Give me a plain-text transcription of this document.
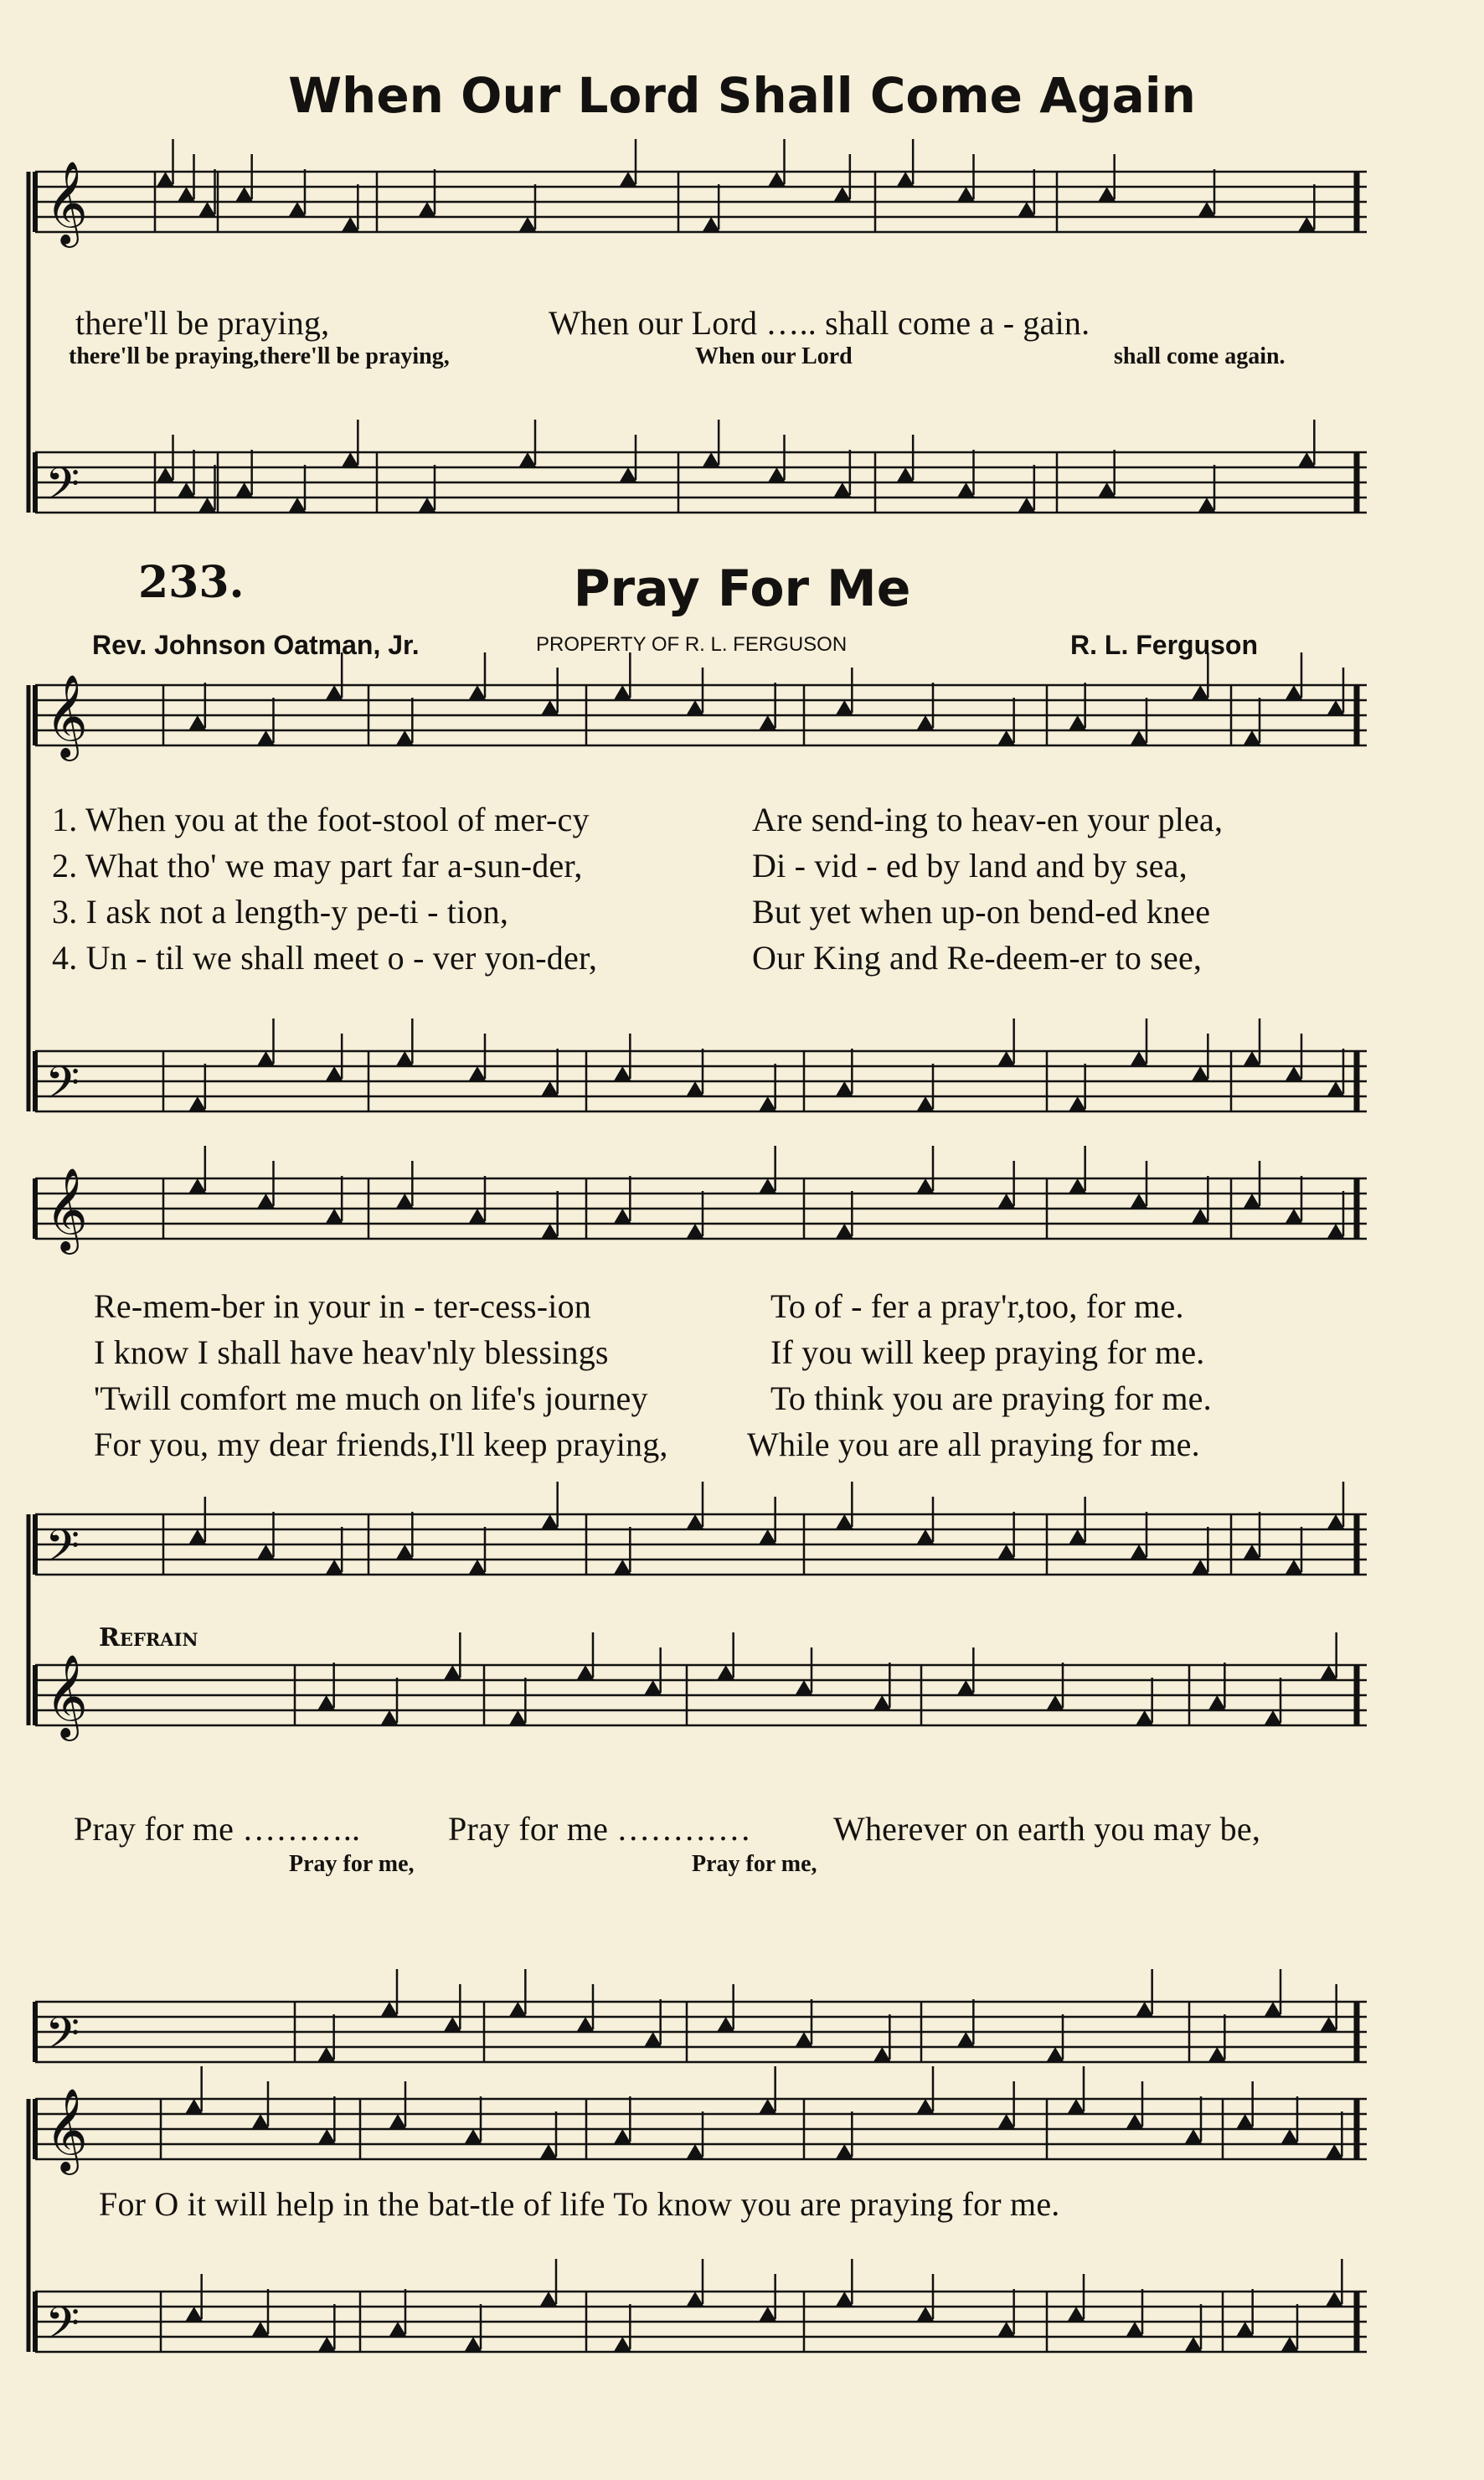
𝄞
𝄢
𝄞
𝄢
𝄞
𝄢
𝄞
𝄢
𝄞
𝄢
When Our Lord Shall Come Again
there'll be praying,	When our Lord ….. shall come a - gain.
there'll be praying,there'll be praying,	When our Lord	shall come again.
233.	Pray For Me
Rev. Johnson Oatman, Jr.	PROPERTY OF R. L. FERGUSON	R. L. Ferguson
1. When you at the foot-stool of mer-cy	Are send-ing to heav-en your plea,
2. What tho' we may part far a-sun-der,	Di - vid - ed by land and by sea,
3. I ask not a length-y pe-ti - tion,	But yet when up-on bend-ed knee
4. Un - til we shall meet o - ver yon-der,	Our King and Re-deem-er to see,
Re-mem-ber in your in - ter-cess-ion	To of - fer a pray'r,too, for me.
I know I shall have heav'nly blessings	If you will keep praying for me.
'Twill comfort me much on life's journey	To think you are praying for me.
For you, my dear friends,I'll keep praying, While you are all praying for me.
Refrain
Pray for me ………..	Pray for me ………… Wherever on earth you may be,
Pray for me,	Pray for me,
For O it will help in the bat-tle of life To know you are praying for me.
